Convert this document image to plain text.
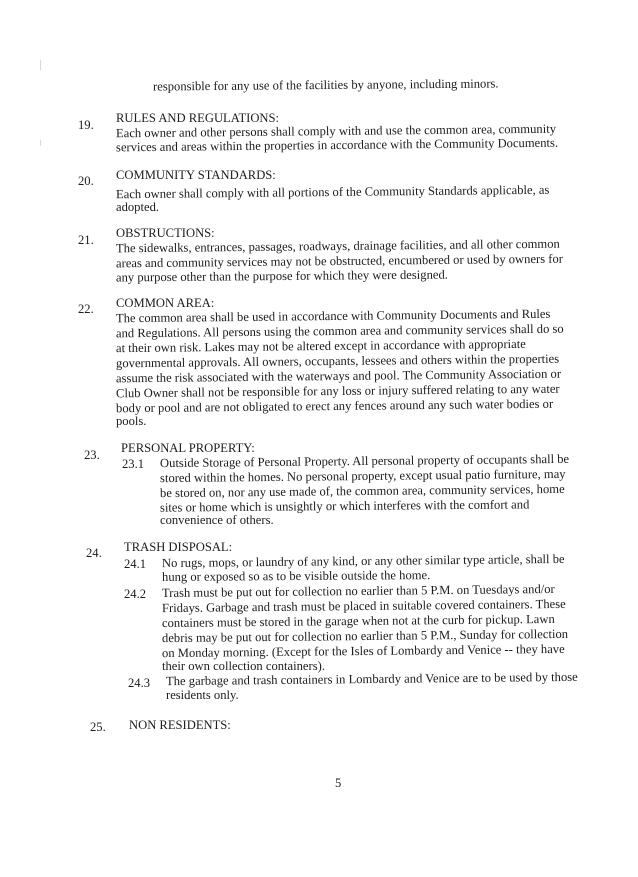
responsible for any use of the facilities by anyone, including minors.
19. RULES AND REGULATIONS:
Each owner and other persons shall comply with and use the common area, community
services and areas within the properties in accordance with the Community Documents.
20. COMMUNITY STANDARDS:
Each owner shall comply with all portions of the Community Standards applicable, as
adopted.
21. OBSTRUCTIONS:
The sidewalks, entrances, passages, roadways, drainage facilities, and all other common
areas and community services may not be obstructed, encumbered or used by owners for
any purpose other than the purpose for which they were designed.
22. COMMON AREA:
The common area shall be used in accordance with Community Documents and Rules
and Regulations. All persons using the common area and community services shall do so
at their own risk. Lakes may not be altered except in accordance with appropriate
governmental approvals. All owners, occupants, lessees and others within the properties
assume the risk associated with the waterways and pool. The Community Association or
Club Owner shall not be responsible for any loss or injury suffered relating to any water
body or pool and are not obligated to erect any fences around any such water bodies or
pools.
23. PERSONAL PROPERTY:
23.1 Outside Storage of Personal Property. All personal property of occupants shall be
stored within the homes. No personal property, except usual patio furniture, may
be stored on, nor any use made of, the common area, community services, home
sites or home which is unsightly or which interferes with the comfort and
convenience of others.
24. TRASH DISPOSAL:
24.1 No rugs, mops, or laundry of any kind, or any other similar type article, shall be
hung or exposed so as to be visible outside the home.
24.2 Trash must be put out for collection no earlier than 5 P.M. on Tuesdays and/or
Fridays. Garbage and trash must be placed in suitable covered containers. These
containers must be stored in the garage when not at the curb for pickup. Lawn
debris may be put out for collection no earlier than 5 P.M., Sunday for collection
on Monday morning. (Except for the Isles of Lombardy and Venice -- they have
their own collection containers).
24.3 The garbage and trash containers in Lombardy and Venice are to be used by those
residents only.
25. NON RESIDENTS:
5
